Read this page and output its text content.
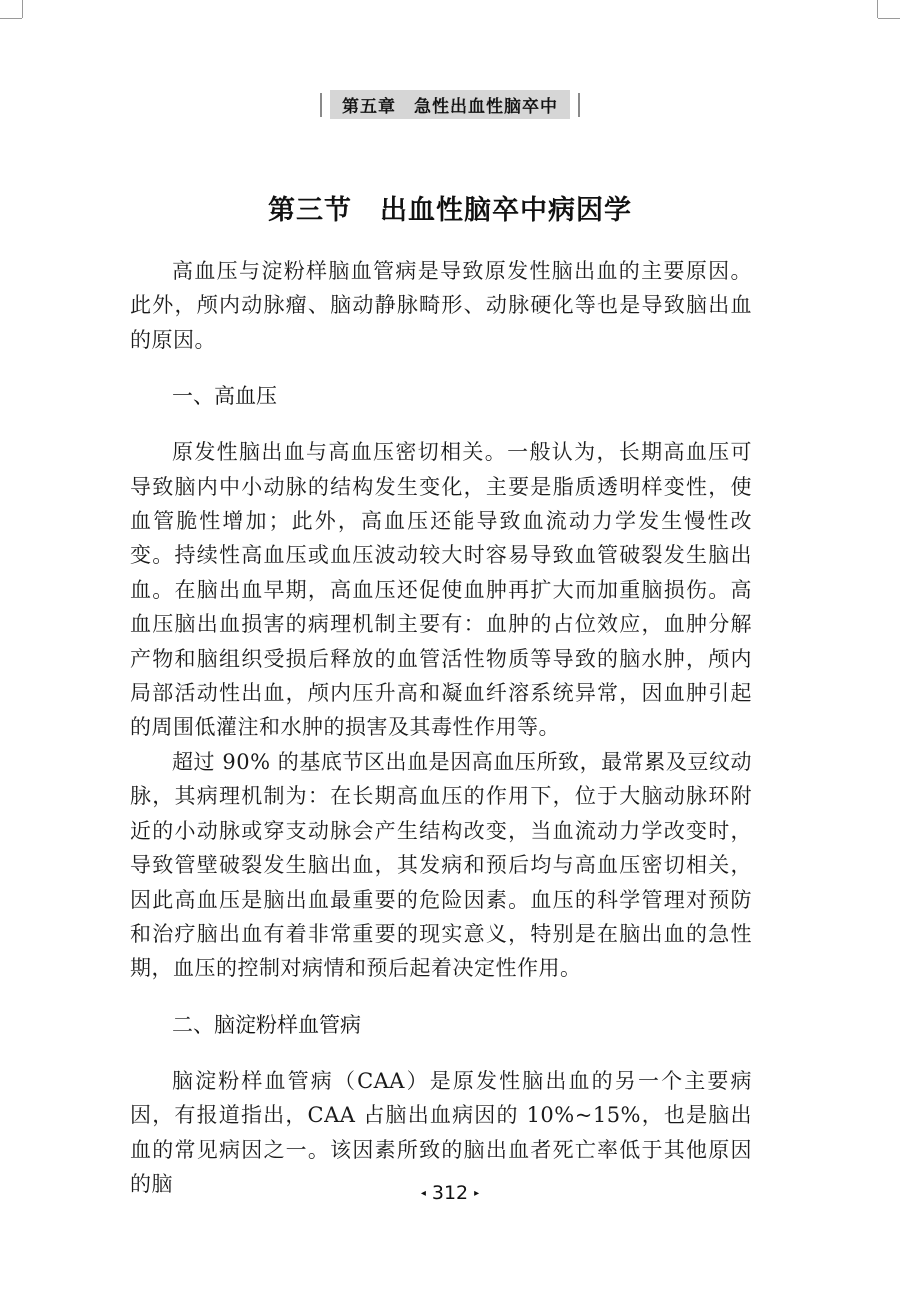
第五章 急性出血性脑卒中
第三节 出血性脑卒中病因学

高血压与淀粉样脑血管病是导致原发性脑出血的主要原因。此外，颅内动脉瘤、脑动静脉畸形、动脉硬化等也是导致脑出血的原因。

一、高血压

原发性脑出血与高血压密切相关。一般认为，长期高血压可导致脑内中小动脉的结构发生变化，主要是脂质透明样变性，使血管脆性增加；此外，高血压还能导致血流动力学发生慢性改变。持续性高血压或血压波动较大时容易导致血管破裂发生脑出血。在脑出血早期，高血压还促使血肿再扩大而加重脑损伤。高血压脑出血损害的病理机制主要有：血肿的占位效应，血肿分解产物和脑组织受损后释放的血管活性物质等导致的脑水肿，颅内局部活动性出血，颅内压升高和凝血纤溶系统异常，因血肿引起的周围低灌注和水肿的损害及其毒性作用等。

超过 90% 的基底节区出血是因高血压所致，最常累及豆纹动脉，其病理机制为：在长期高血压的作用下，位于大脑动脉环附近的小动脉或穿支动脉会产生结构改变，当血流动力学改变时，导致管壁破裂发生脑出血，其发病和预后均与高血压密切相关，因此高血压是脑出血最重要的危险因素。血压的科学管理对预防和治疗脑出血有着非常重要的现实意义，特别是在脑出血的急性期，血压的控制对病情和预后起着决定性作用。

二、脑淀粉样血管病

脑淀粉样血管病（CAA）是原发性脑出血的另一个主要病因，有报道指出，CAA 占脑出血病因的 10%~15%，也是脑出血的常见病因之一。该因素所致的脑出血者死亡率低于其他原因的脑	◂ 312 ▸
